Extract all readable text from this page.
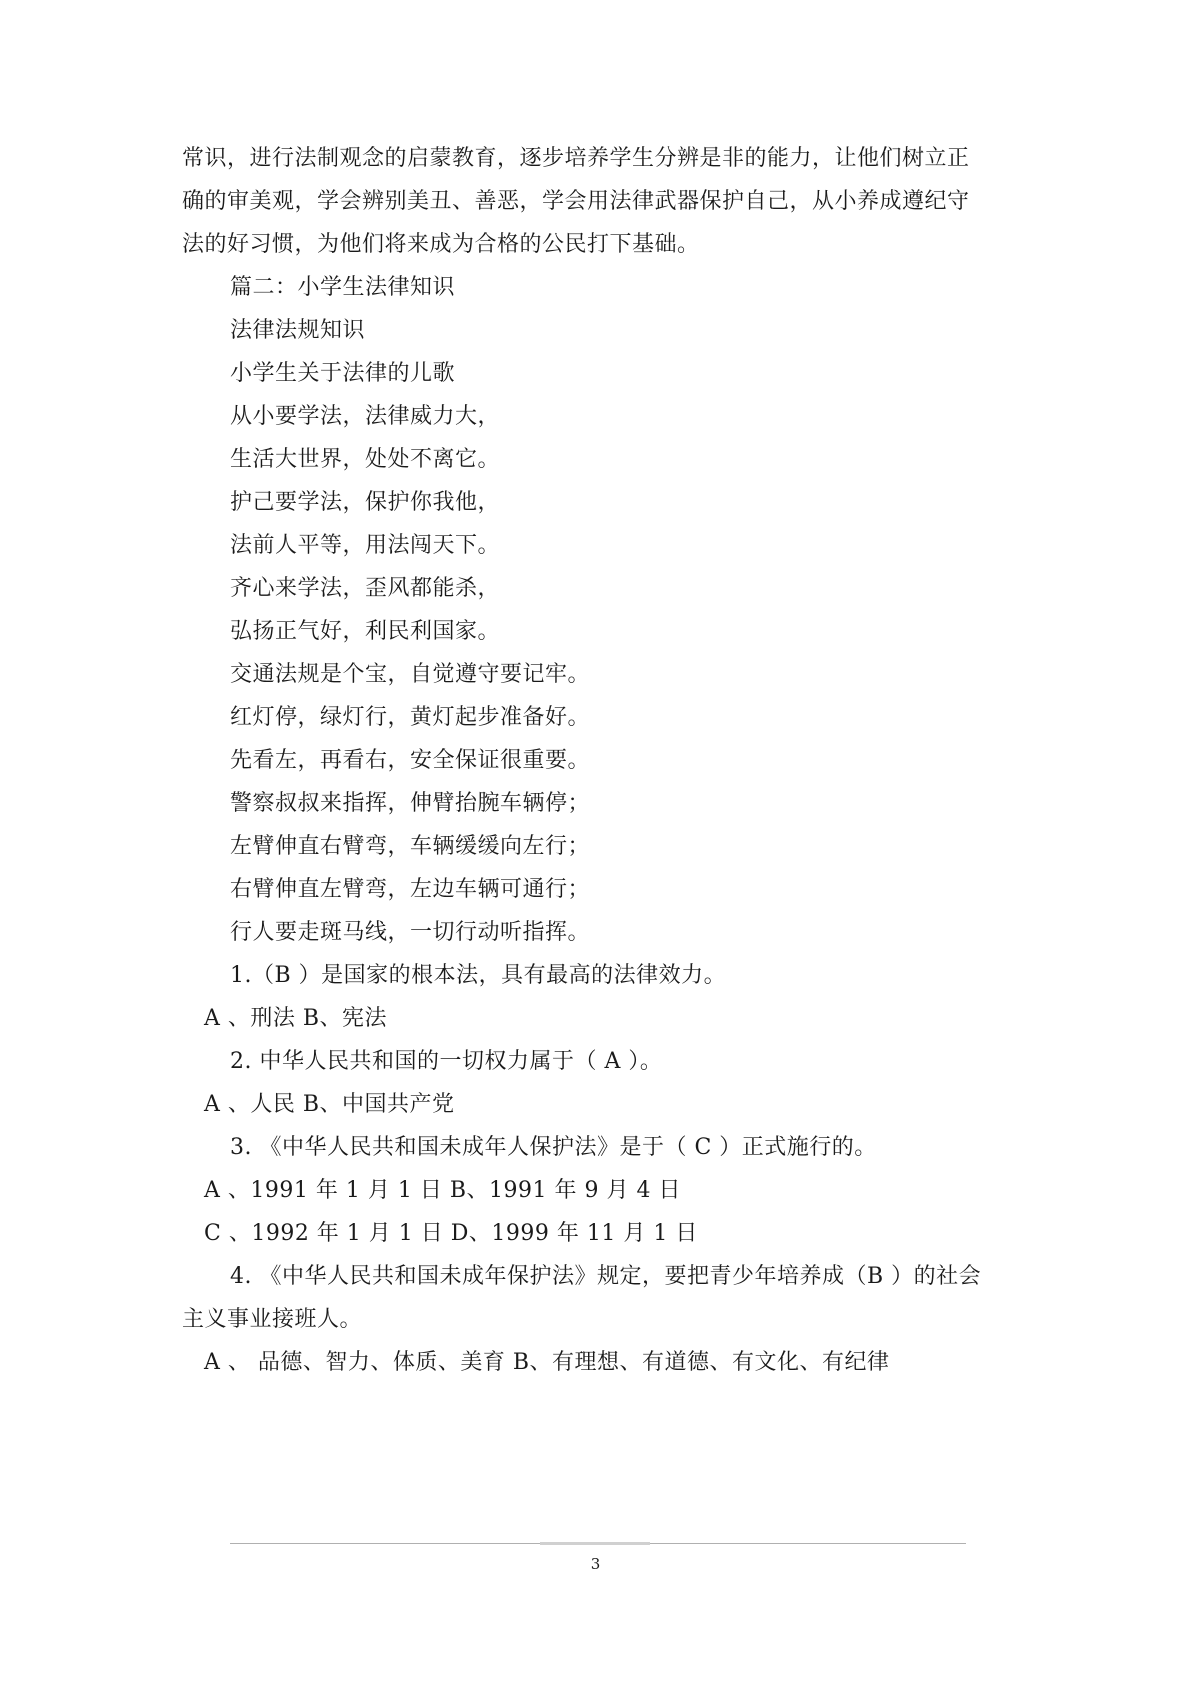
常识，进行法制观念的启蒙教育，逐步培养学生分辨是非的能力，让他们树立正
确的审美观，学会辨别美丑、善恶，学会用法律武器保护自己，从小养成遵纪守
法的好习惯，为他们将来成为合格的公民打下基础。
篇二：小学生法律知识
法律法规知识
小学生关于法律的儿歌
从小要学法，法律威力大，
生活大世界，处处不离它。
护己要学法，保护你我他，
法前人平等，用法闯天下。
齐心来学法，歪风都能杀，
弘扬正气好，利民利国家。
交通法规是个宝，自觉遵守要记牢。
红灯停，绿灯行，黄灯起步准备好。
先看左，再看右，安全保证很重要。
警察叔叔来指挥，伸臂抬腕车辆停；
左臂伸直右臂弯，车辆缓缓向左行；
右臂伸直左臂弯，左边车辆可通行；
行人要走斑马线，一切行动听指挥。
1.（B ）是国家的根本法，具有最高的法律效力。
A 、刑法 B、宪法
2. 中华人民共和国的一切权力属于（ A ）。
A 、人民 B、中国共产党
3. 《中华人民共和国未成年人保护法》是于（ C ）正式施行的。
A 、1991 年 1 月 1 日 B、1991 年 9 月 4 日
C 、1992 年 1 月 1 日 D、1999 年 11 月 1 日
4. 《中华人民共和国未成年保护法》规定，要把青少年培养成（B ）的社会
主义事业接班人。
A 、 品德、智力、体质、美育 B、有理想、有道德、有文化、有纪律
3
